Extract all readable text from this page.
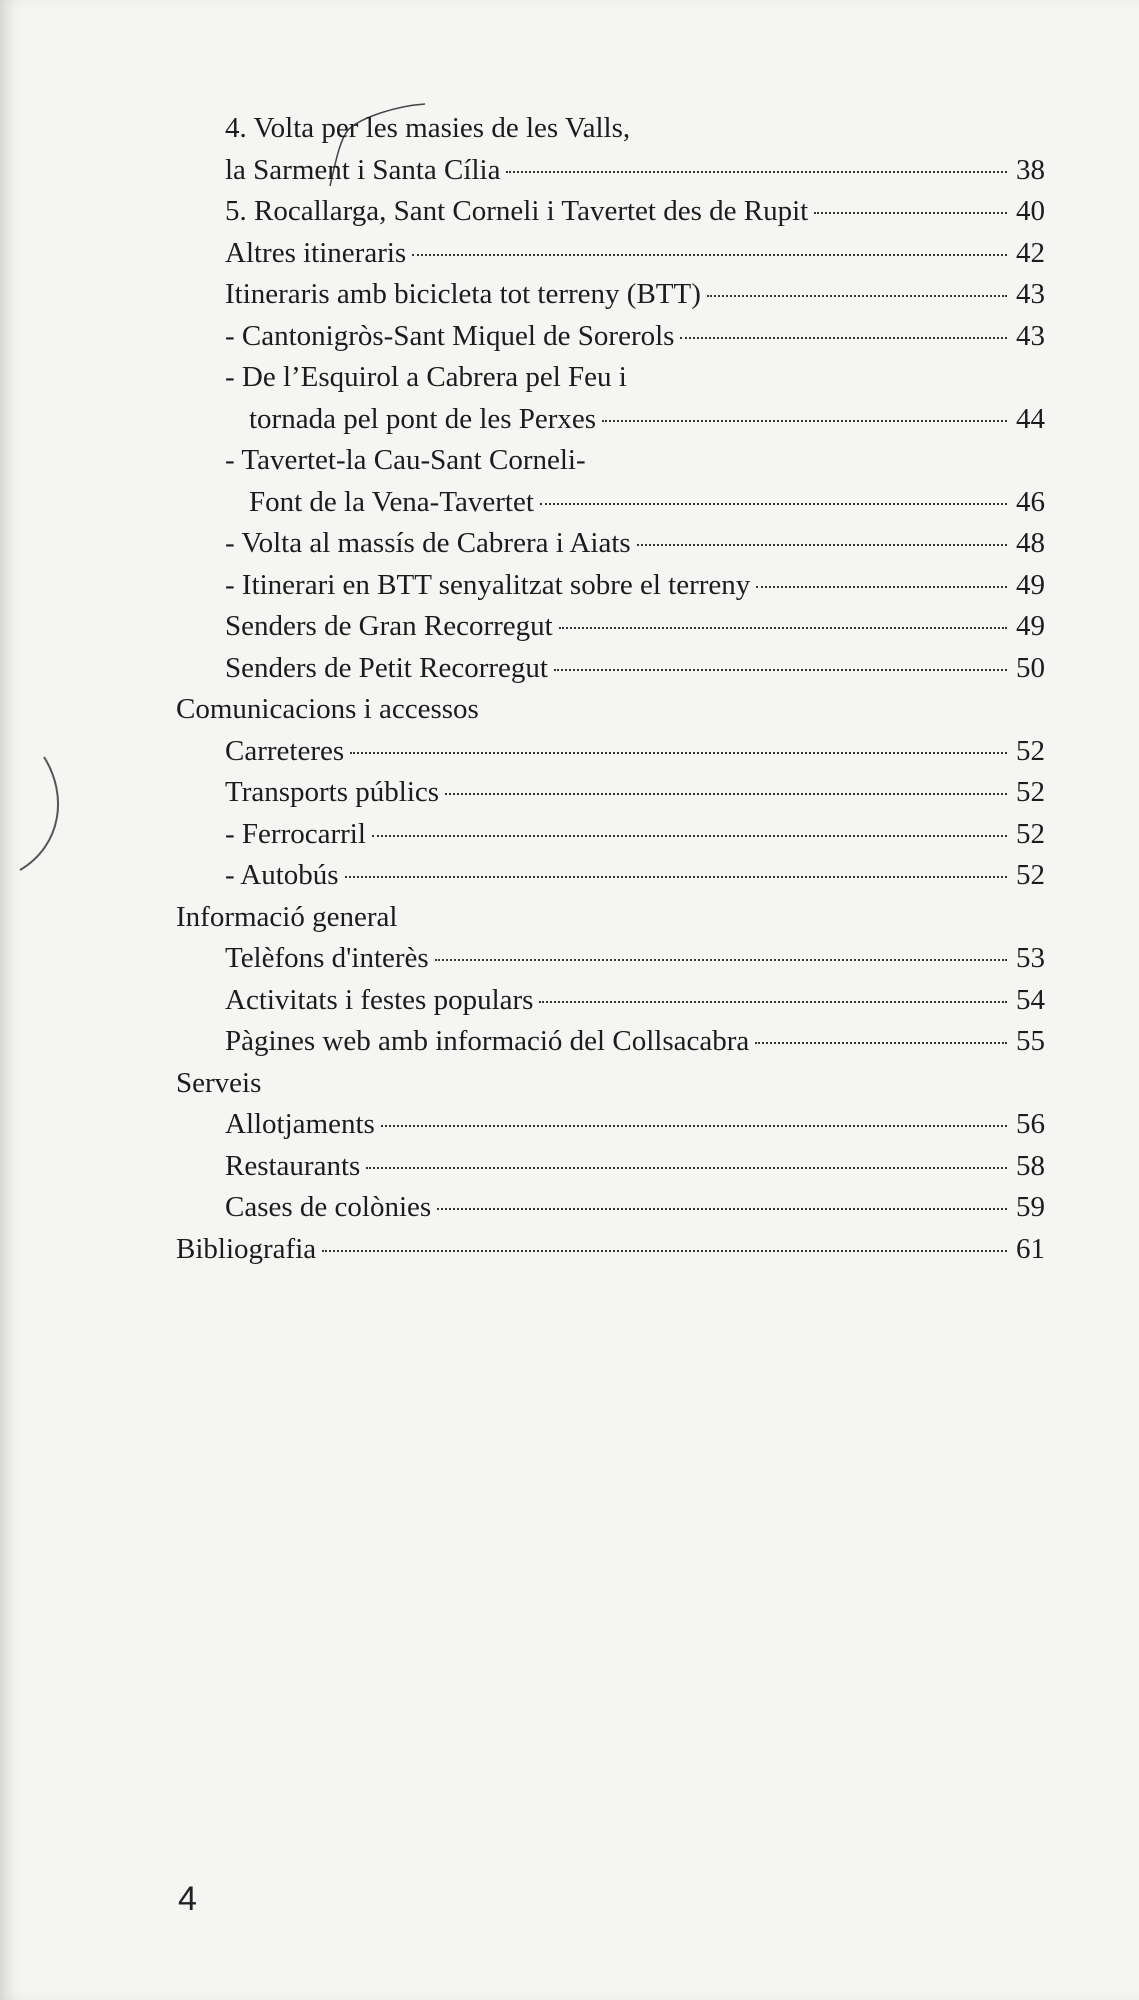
4. Volta per les masies de les Valls,
la Sarment i Santa Cília	38
5. Rocallarga, Sant Corneli i Tavertet des de Rupit	40
Altres itineraris	42
Itineraris amb bicicleta tot terreny (BTT)	43
- Cantonigròs-Sant Miquel de Sorerols	43
- De l’Esquirol a Cabrera pel Feu i
tornada pel pont de les Perxes	44
- Tavertet-la Cau-Sant Corneli-
Font de la Vena-Tavertet	46
- Volta al massís de Cabrera i Aiats	48
- Itinerari en BTT senyalitzat sobre el terreny	49
Senders de Gran Recorregut	49
Senders de Petit Recorregut	50
Comunicacions i accessos
Carreteres	52
Transports públics	52
- Ferrocarril	52
- Autobús	52
Informació general
Telèfons d'interès	53
Activitats i festes populars	54
Pàgines web amb informació del Collsacabra	55
Serveis
Allotjaments	56
Restaurants	58
Cases de colònies	59
Bibliografia	61
4
